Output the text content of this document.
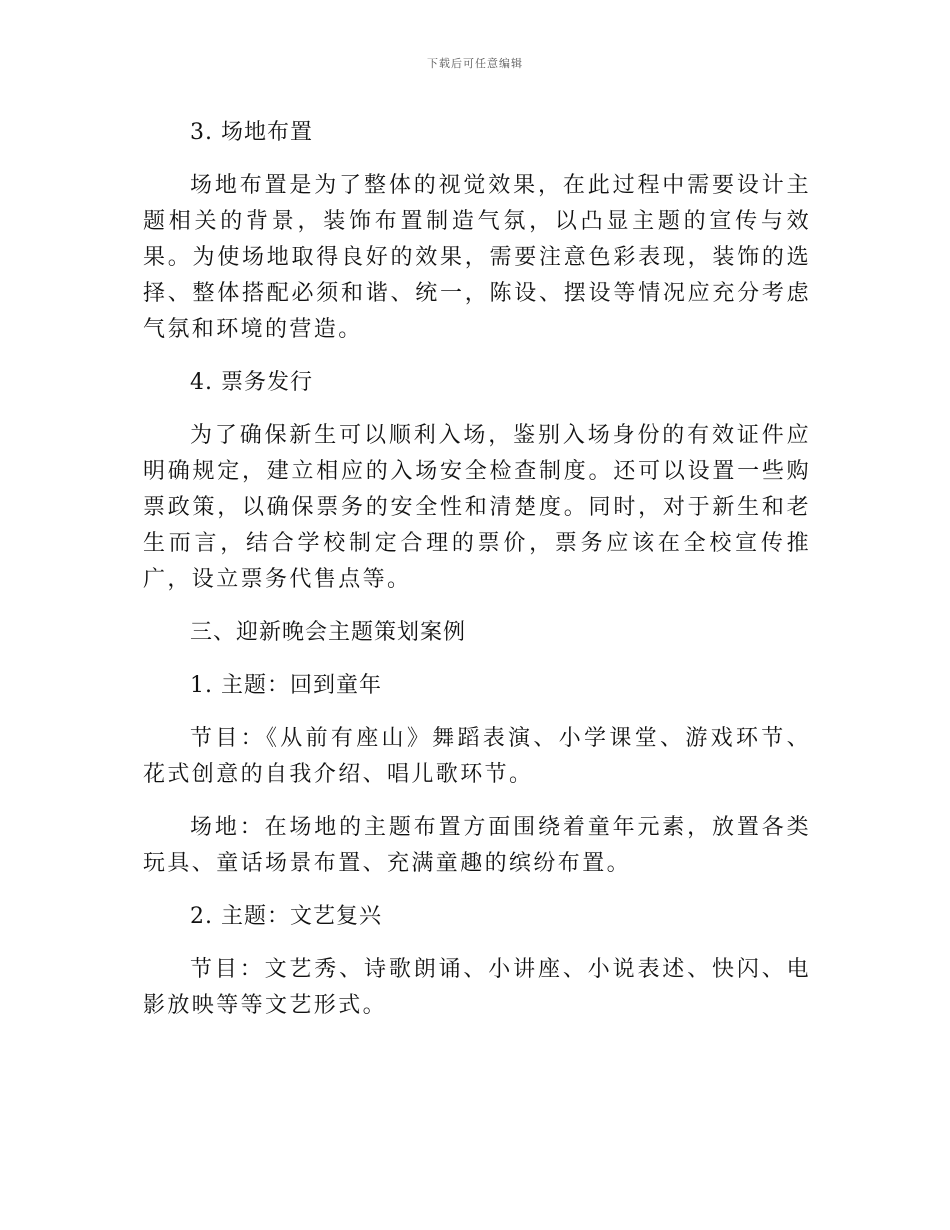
下载后可任意编辑

3. 场地布置

场地布置是为了整体的视觉效果，在此过程中需要设计主题相关的背景，装饰布置制造气氛，以凸显主题的宣传与效果。为使场地取得良好的效果，需要注意色彩表现，装饰的选择、整体搭配必须和谐、统一，陈设、摆设等情况应充分考虑气氛和环境的营造。

4. 票务发行

为了确保新生可以顺利入场，鉴别入场身份的有效证件应明确规定，建立相应的入场安全检查制度。还可以设置一些购票政策，以确保票务的安全性和清楚度。同时，对于新生和老生而言，结合学校制定合理的票价，票务应该在全校宣传推广，设立票务代售点等。

三、迎新晚会主题策划案例

1. 主题：回到童年

节目：《从前有座山》舞蹈表演、小学课堂、游戏环节、花式创意的自我介绍、唱儿歌环节。

场地：在场地的主题布置方面围绕着童年元素，放置各类玩具、童话场景布置、充满童趣的缤纷布置。

2. 主题：文艺复兴

节目：文艺秀、诗歌朗诵、小讲座、小说表述、快闪、电影放映等等文艺形式。
